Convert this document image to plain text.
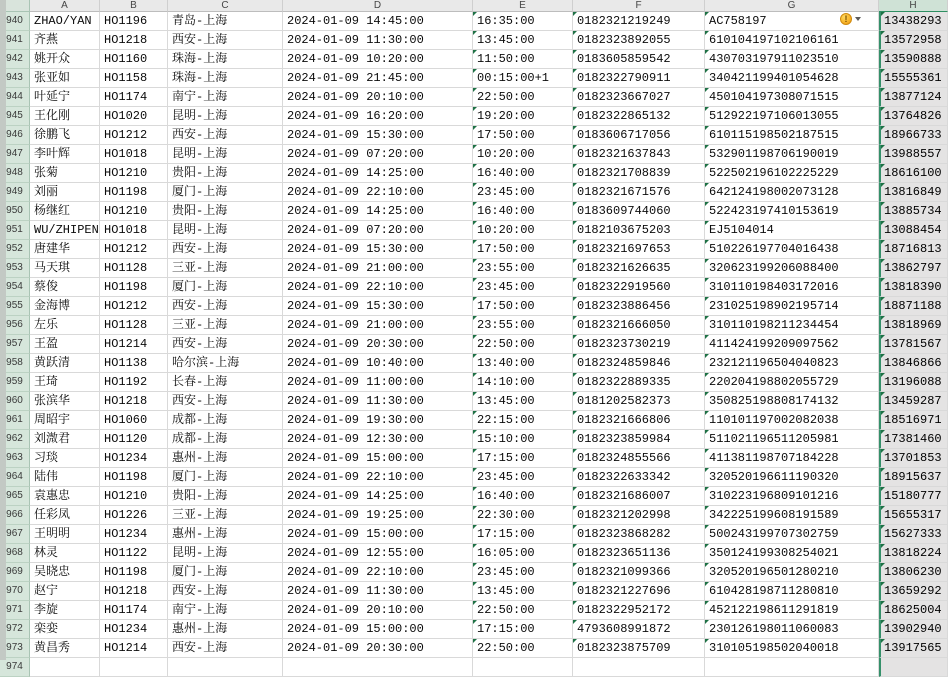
A	B	C	D	E	F	G	H
940 ZHAO/YAN	HO1196	青岛-上海	2024-01-09 14:45:00	16:35:00	0182321219249	AC758197	13438293
941 齐燕	HO1218	西安-上海	2024-01-09 11:30:00	13:45:00	0182323892055	610104197102106161	13572958
942 姚开众	HO1160	珠海-上海	2024-01-09 10:20:00	11:50:00	0183605859542	430703197911023510	13590888
943 张亚如	HO1158	珠海-上海	2024-01-09 21:45:00	00:15:00+1	0182322790911	340421199401054628	15555361
944 叶延宁	HO1174	南宁-上海	2024-01-09 20:10:00	22:50:00	0182323667027	450104197308071515	13877124
945 王化刚	HO1020	昆明-上海	2024-01-09 16:20:00	19:20:00	0182322865132	512922197106013055	13764826
946 徐鹏飞	HO1212	西安-上海	2024-01-09 15:30:00	17:50:00	0183606717056	610115198502187515	18966733
947 李叶辉	HO1018	昆明-上海	2024-01-09 07:20:00	10:20:00	0182321637843	532901198706190019	13988557
948 张菊	HO1210	贵阳-上海	2024-01-09 14:25:00	16:40:00	0182321708839	522502196102225229	18616100
949 刘丽	HO1198	厦门-上海	2024-01-09 22:10:00	23:45:00	0182321671576	642124198002073128	13816849
950 杨继红	HO1210	贵阳-上海	2024-01-09 14:25:00	16:40:00	0183609744060	522423197410153619	13885734
951 WU/ZHIPEN HO1018	昆明-上海	2024-01-09 07:20:00	10:20:00	0182103675203	EJ5104014	13088454
952 唐建华	HO1212	西安-上海	2024-01-09 15:30:00	17:50:00	0182321697653	510226197704016438	18716813
953 马天琪	HO1128	三亚-上海	2024-01-09 21:00:00	23:55:00	0182321626635	320623199206088400	13862797
954 蔡俊	HO1198	厦门-上海	2024-01-09 22:10:00	23:45:00	0182322919560	310110198403172016	13818390
955 金海博	HO1212	西安-上海	2024-01-09 15:30:00	17:50:00	0182323886456	231025198902195714	18871188
956 左乐	HO1128	三亚-上海	2024-01-09 21:00:00	23:55:00	0182321666050	310110198211234454	13818969
957 王盈	HO1214	西安-上海	2024-01-09 20:30:00	22:50:00	0182323730219	411424199209097562	13781567
958 黄跃清	HO1138	哈尔滨-上海	2024-01-09 10:40:00	13:40:00	0182324859846	232121196504040823	13846866
959 王琦	HO1192	长春-上海	2024-01-09 11:00:00	14:10:00	0182322889335	220204198802055729	13196088
960 张滨华	HO1218	西安-上海	2024-01-09 11:30:00	13:45:00	0181202582373	350825198808174132	13459287
961 周昭宇	HO1060	成都-上海	2024-01-09 19:30:00	22:15:00	0182321666806	110101197002082038	18516971
962 刘溦君	HO1120	成都-上海	2024-01-09 12:30:00	15:10:00	0182323859984	511021196511205981	17381460
963 习琰	HO1234	惠州-上海	2024-01-09 15:00:00	17:15:00	0182324855566	411381198707184228	13701853
964 陆伟	HO1198	厦门-上海	2024-01-09 22:10:00	23:45:00	0182322633342	320520196611190320	18915637
965 袁惠忠	HO1210	贵阳-上海	2024-01-09 14:25:00	16:40:00	0182321686007	310223196809101216	15180777
966 任彩凤	HO1226	三亚-上海	2024-01-09 19:25:00	22:30:00	0182321202998	342225199608191589	15655317
967 王明明	HO1234	惠州-上海	2024-01-09 15:00:00	17:15:00	0182323868282	500243199707302759	15627333
968 林灵	HO1122	昆明-上海	2024-01-09 12:55:00	16:05:00	0182323651136	350124199308254021	13818224
969 吴晓忠	HO1198	厦门-上海	2024-01-09 22:10:00	23:45:00	0182321099366	320520196501280210	13806230
970 赵宁	HO1218	西安-上海	2024-01-09 11:30:00	13:45:00	0182321227696	610428198711280810	13659292
971 李旋	HO1174	南宁-上海	2024-01-09 20:10:00	22:50:00	0182322952172	452122198611291819	18625004
972 栾娈	HO1234	惠州-上海	2024-01-09 15:00:00	17:15:00	4793608991872	230126198011060083	13902940
973 黄昌秀	HO1214	西安-上海	2024-01-09 20:30:00	22:50:00	0182323875709	310105198502040018	13917565
974
!
